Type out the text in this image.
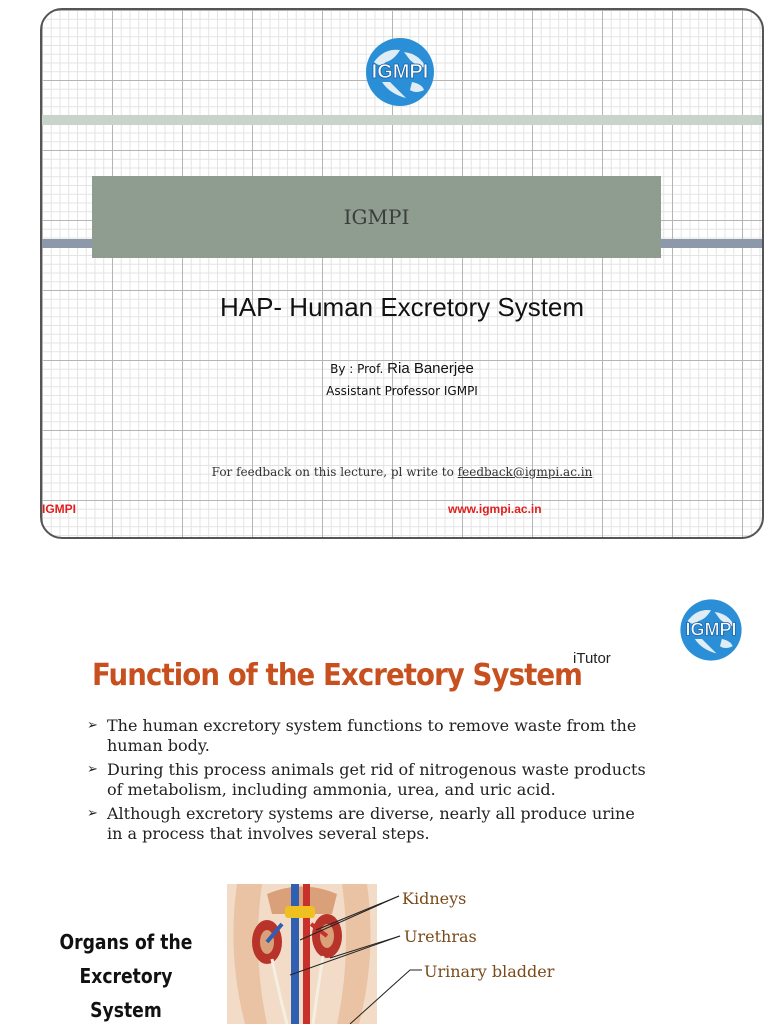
IGMPI
IGMPI
HAP- Human Excretory System
By : Prof. Ria Banerjee
Assistant Professor IGMPI
For feedback on this lecture, pl write to feedback@igmpi.ac.in
IGMPI	www.igmpi.ac.in
IGMPI
Function of the Excretory System
iTutor
➢ The human excretory system functions to remove waste from the human body.
➢ During this process animals get rid of nitrogenous waste products of metabolism, including ammonia, urea, and uric acid.
➢ Although excretory systems are diverse, nearly all produce urine in a process that involves several steps.
Organs of the
Excretory System
Kidneys
Urethras
Urinary bladder
